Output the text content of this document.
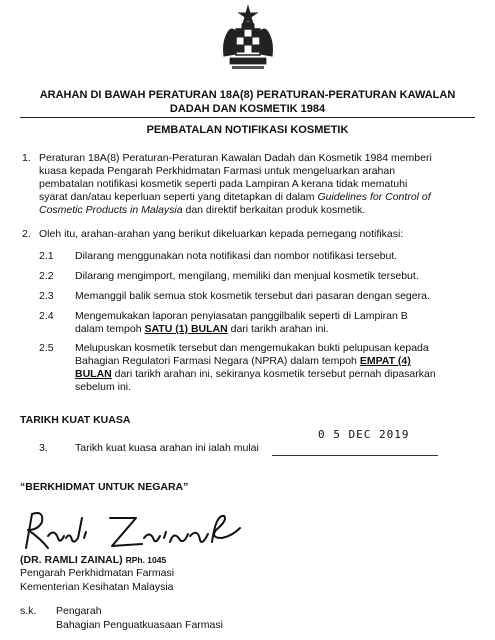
ARAHAN DI BAWAH PERATURAN 18A(8) PERATURAN-PERATURAN KAWALAN
DADAH DAN KOSMETIK 1984
PEMBATALAN NOTIFIKASI KOSMETIK
1. Peraturan 18A(8) Peraturan-Peraturan Kawalan Dadah dan Kosmetik 1984 memberi
kuasa kepada Pengarah Perkhidmatan Farmasi untuk mengeluarkan arahan
pembatalan notifikasi kosmetik seperti pada Lampiran A kerana tidak mematuhi
syarat dan/atau keperluan seperti yang ditetapkan di dalam Guidelines for Control of
Cosmetic Products in Malaysia dan direktif berkaitan produk kosmetik.
2. Oleh itu, arahan-arahan yang berikut dikeluarkan kepada pemegang notifikasi:
2.1 Dilarang menggunakan nota notifikasi dan nombor notifikasi tersebut.
2.2 Dilarang mengimport, mengilang, memiliki dan menjual kosmetik tersebut.
2.3 Memanggil balik semua stok kosmetik tersebut dari pasaran dengan segera.
2.4 Mengemukakan laporan penyiasatan panggilbalik seperti di Lampiran B
dalam tempoh SATU (1) BULAN dari tarikh arahan ini.
2.5 Melupuskan kosmetik tersebut dan mengemukakan bukti pelupusan kepada
Bahagian Regulatori Farmasi Negara (NPRA) dalam tempoh EMPAT (4)
BULAN dari tarikh arahan ini, sekiranya kosmetik tersebut pernah dipasarkan
sebelum ini.
TARIKH KUAT KUASA
0 5 DEC 2019
3.	Tarikh kuat kuasa arahan ini ialah mulai
“BERKHIDMAT UNTUK NEGARA”
(DR. RAMLI ZAINAL) RPh. 1045
Pengarah Perkhidmatan Farmasi
Kementerian Kesihatan Malaysia
s.k. Pengarah
Bahagian Penguatkuasaan Farmasi
